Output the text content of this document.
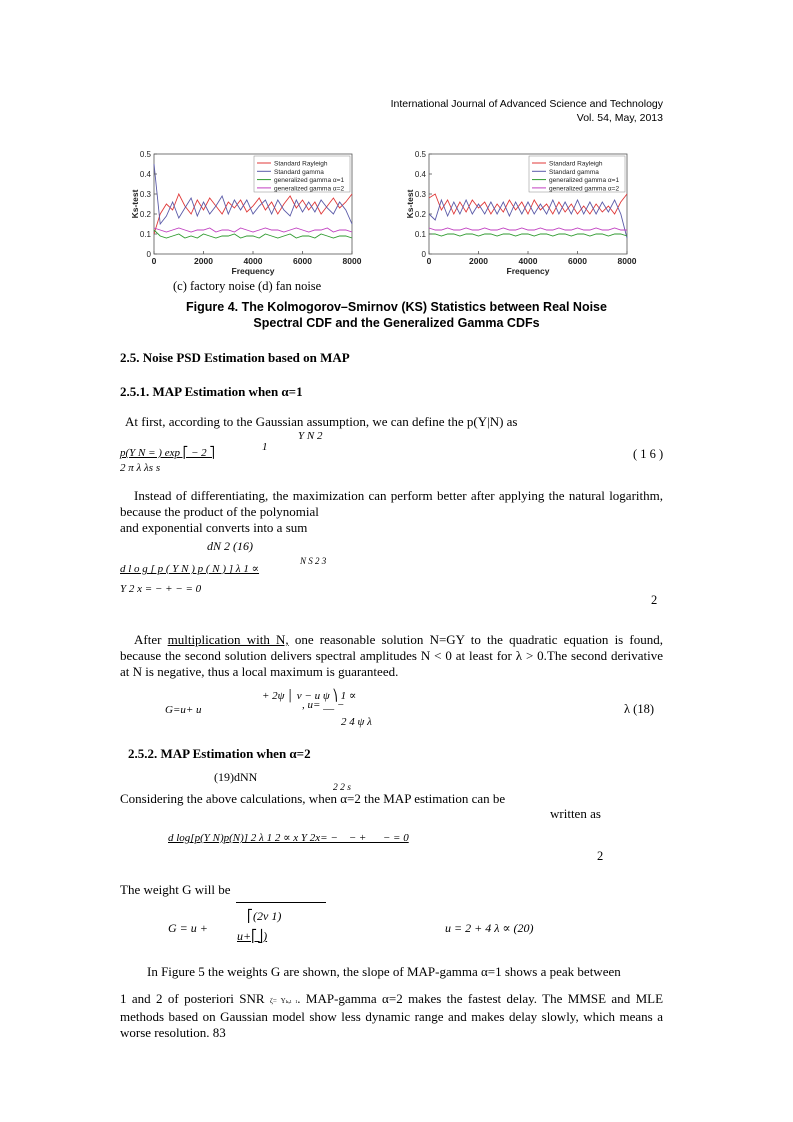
International Journal of Advanced Science and Technology
Vol. 54, May, 2013
0
0.1
0.2
0.3
0.4
0.5
0	2000	4000	6000	8000
Frequency
Ks-test
Standard Rayleigh
Standard gamma
generalized gamma α=1
generalized gamma α=2
0
0.1
0.2
0.3
0.4
0.5
0	2000	4000	6000	8000
Frequency
Ks-test
Standard Rayleigh
Standard gamma
generalized gamma α=1
generalized gamma α=2
(c) factory noise (d) fan noise
Figure 4. The Kolmogorov–Smirnov (KS) Statistics between Real Noise
Spectral CDF and the Generalized Gamma CDFs
2.5. Noise PSD Estimation based on MAP
2.5.1. MAP Estimation when α=1
At first, according to the Gaussian assumption, we can define the p(Y|N) as
Y N 2
1
p(Y N = ) exp ⎡ − 2 ⎤
2 π λ λs s
( 1 6 )
Instead of differentiating, the maximization can perform better after applying the natural logarithm, because the product of the polynomial
and exponential converts into a sum
dN 2 (16)
d l o g [ p ( Y N ) p ( N ) ] λ 1 ∝
N S 2 3
Y 2 x = − + − = 0
2
After multiplication with N, one reasonable solution N=GY to the quadratic equation is found, because the second solution delivers spectral amplitudes N < 0 at least for λ > 0.The second derivative at N is negative, thus a local maximum is guaranteed.
+ 2ψ │ ν − u ψ ⎞ 1 ∝
G=u+ u	, u= __ −
2 4 ψ λ
λ (18)
2.5.2. MAP Estimation when α=2
(19)dNN
2 2 s
Considering the above calculations, when α=2 the MAP estimation can be
written as
d log[p(Y N)p(N)] 2 λ 1 2 ∝ x Y 2x= − _ − + __ − = 0
2
The weight G will be
G = u +
⎡(2ν 1)
u+⎡⎦)
u = 2 + 4 λ ∝ (20)
In Figure 5 the weights G are shown, the slope of MAP-gamma α=1 shows a peak between
1 and 2 of posteriori SNR ζ= Yₖ,ₗ ₗ. MAP-gamma α=2 makes the fastest delay. The MMSE and MLE methods based on Gaussian model show less dynamic range and makes delay slowly, which means a worse resolution. 83
